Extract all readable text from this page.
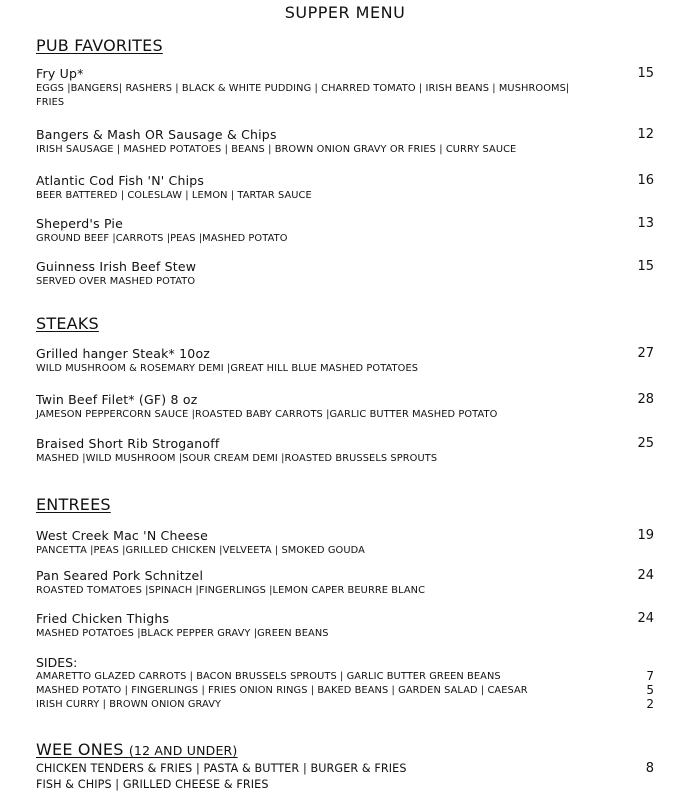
SUPPER MENU
PUB FAVORITES
Fry Up*
EGGS |BANGERS| RASHERS | BLACK & WHITE PUDDING | CHARRED TOMATO | IRISH BEANS | MUSHROOMS| FRIES
15
Bangers & Mash OR Sausage & Chips
IRISH SAUSAGE | MASHED POTATOES | BEANS | BROWN ONION GRAVY OR FRIES | CURRY SAUCE
12
Atlantic Cod Fish 'N' Chips
BEER BATTERED | COLESLAW | LEMON | TARTAR SAUCE
16
Sheperd's Pie
GROUND BEEF |CARROTS |PEAS |MASHED POTATO
13
Guinness Irish Beef Stew
SERVED OVER MASHED POTATO
15
STEAKS
Grilled hanger Steak* 10oz
WILD MUSHROOM & ROSEMARY DEMI |GREAT HILL BLUE MASHED POTATOES
27
Twin Beef Filet* (GF) 8 oz
JAMESON PEPPERCORN SAUCE |ROASTED BABY CARROTS |GARLIC BUTTER MASHED POTATO
28
Braised Short Rib Stroganoff
MASHED |WILD MUSHROOM |SOUR CREAM DEMI |ROASTED BRUSSELS SPROUTS
25
ENTREES
West Creek Mac 'N Cheese
PANCETTA |PEAS |GRILLED CHICKEN |VELVEETA | SMOKED GOUDA
19
Pan Seared Pork Schnitzel
ROASTED TOMATOES |SPINACH |FINGERLINGS |LEMON CAPER BEURRE BLANC
24
Fried Chicken Thighs
MASHED POTATOES |BLACK PEPPER GRAVY |GREEN BEANS
24
SIDES:
AMARETTO GLAZED CARROTS | BACON BRUSSELS SPROUTS | GARLIC BUTTER GREEN BEANS	7
MASHED POTATO | FINGERLINGS | FRIES ONION RINGS | BAKED BEANS | GARDEN SALAD | CAESAR	5
IRISH CURRY | BROWN ONION GRAVY	2
WEE ONES (12 AND UNDER)
CHICKEN TENDERS & FRIES | PASTA & BUTTER | BURGER & FRIES	8
FISH & CHIPS | GRILLED CHEESE & FRIES
